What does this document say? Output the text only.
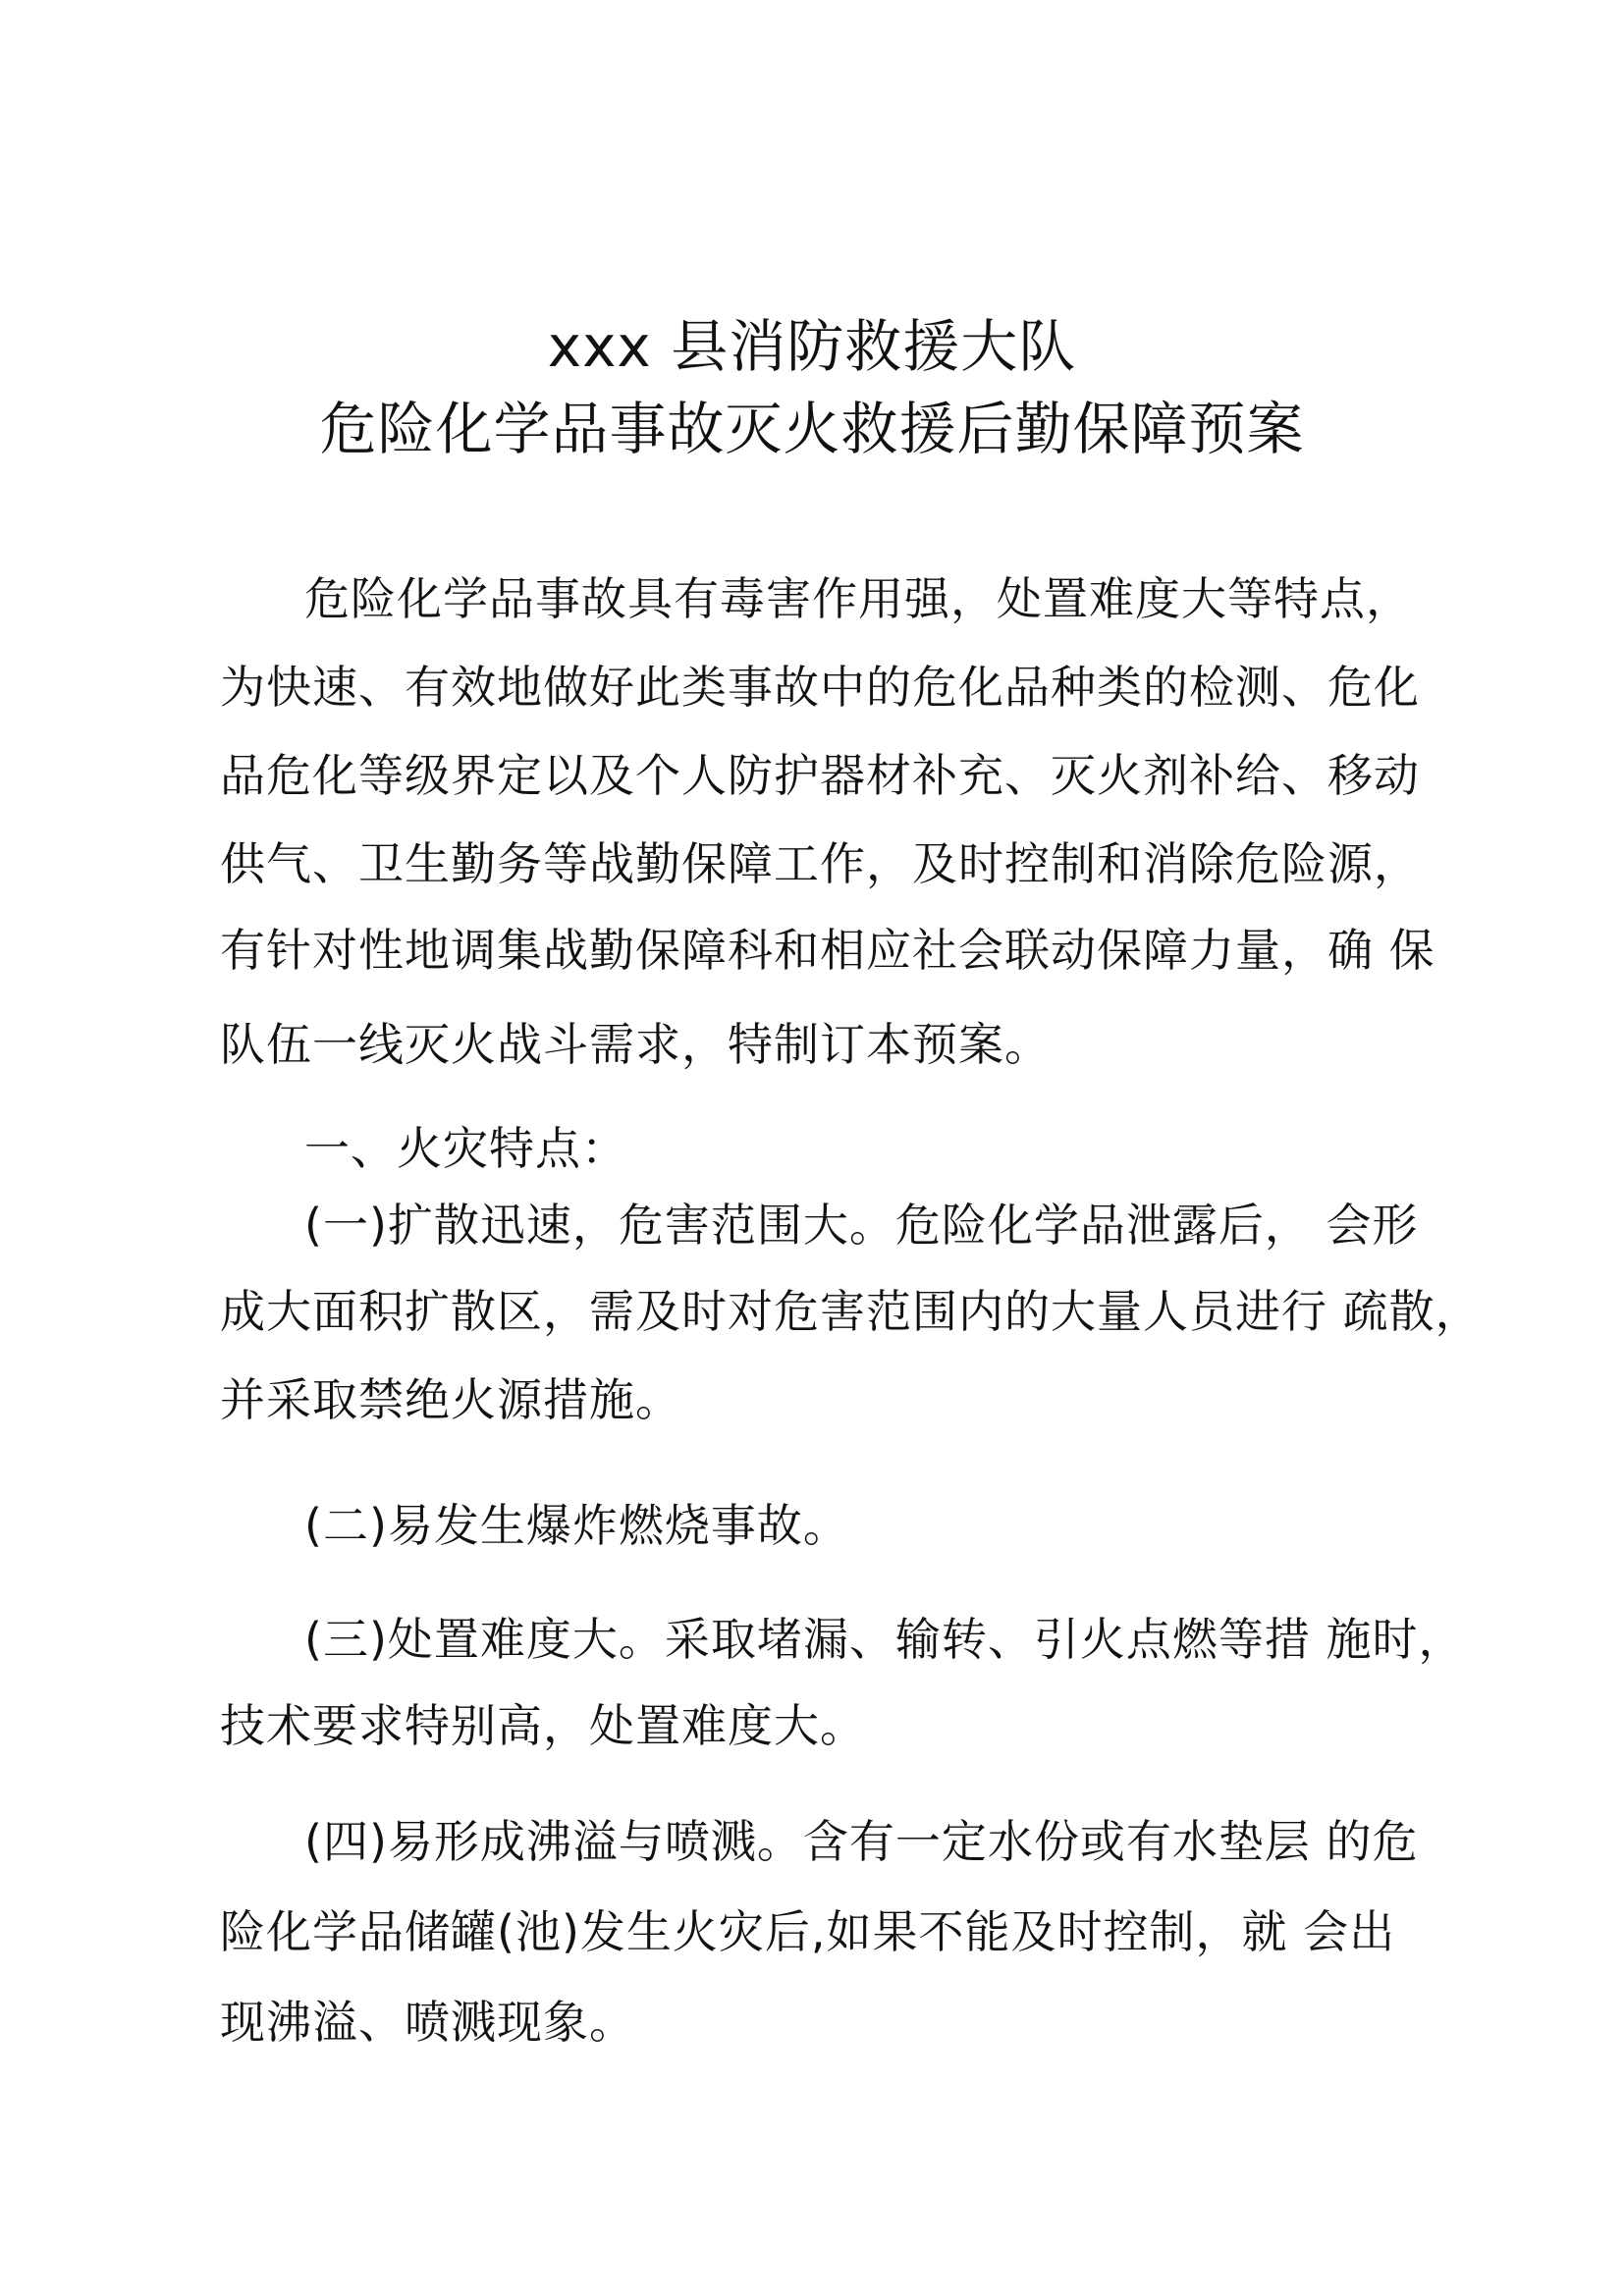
xxx 县消防救援大队
危险化学品事故灭火救援后勤保障预案
危险化学品事故具有毒害作用强，处置难度大等特点，
为快速、有效地做好此类事故中的危化品种类的检测、危化
品危化等级界定以及个人防护器材补充、灭火剂补给、移动
供气、卫生勤务等战勤保障工作，及时控制和消除危险源，
有针对性地调集战勤保障科和相应社会联动保障力量，确 保
队伍一线灭火战斗需求，特制订本预案。
一、火灾特点：
(一)扩散迅速，危害范围大。危险化学品泄露后， 会形
成大面积扩散区，需及时对危害范围内的大量人员进行 疏散，
并采取禁绝火源措施。
(二)易发生爆炸燃烧事故。
(三)处置难度大。采取堵漏、输转、引火点燃等措 施时，
技术要求特别高，处置难度大。
(四)易形成沸溢与喷溅。含有一定水份或有水垫层 的危
险化学品储罐(池)发生火灾后,如果不能及时控制，就 会出
现沸溢、喷溅现象。
